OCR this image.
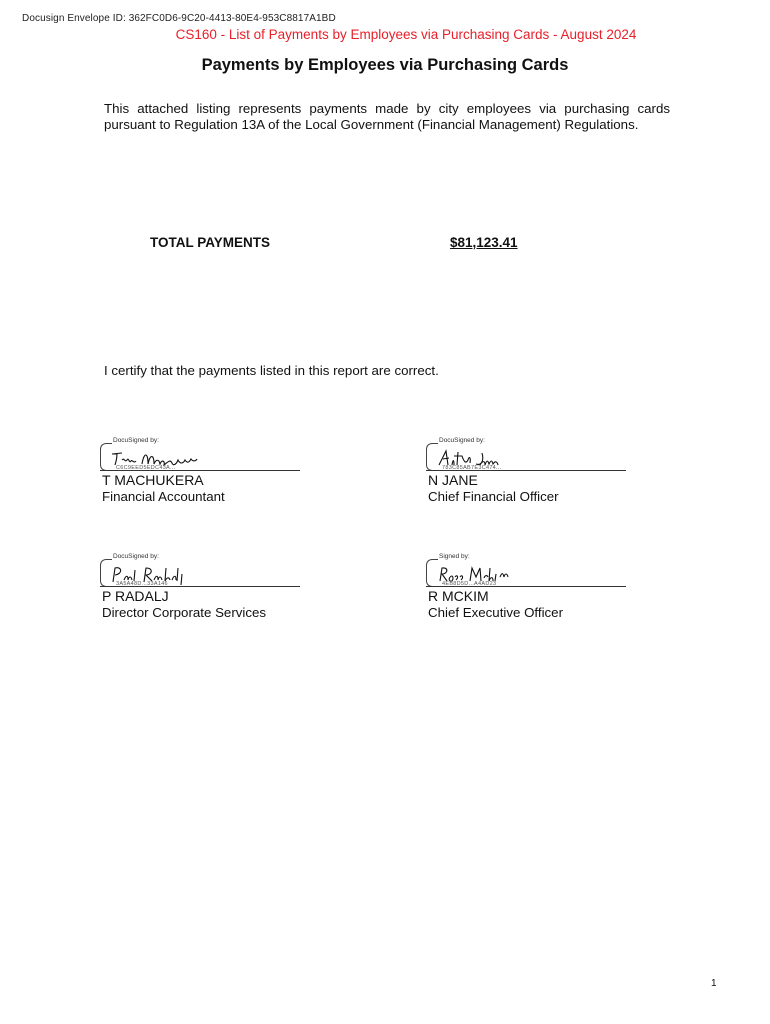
Docusign Envelope ID: 362FC0D6-9C20-4413-80E4-953C8817A1BD
CS160 - List of Payments by Employees via Purchasing Cards - August 2024
Payments by Employees via Purchasing Cards
This attached listing represents payments made by city employees via purchasing cards pursuant to Regulation 13A of the Local Government (Financial Management) Regulations.
TOTAL PAYMENTS	$81,123.41
I certify that the payments listed in this report are correct.
DocuSigned by:
C6C9EED5EDC43A...
T MACHUKERA
Financial Accountant
DocuSigned by:
783C85AB7E3C474...
N JANE
Chief Financial Officer
DocuSigned by:
3A5A48D...33A146
P RADALJ
Director Corporate Services
Signed by:
4EB8D5D...A4AD23
R MCKIM
Chief Executive Officer
1
